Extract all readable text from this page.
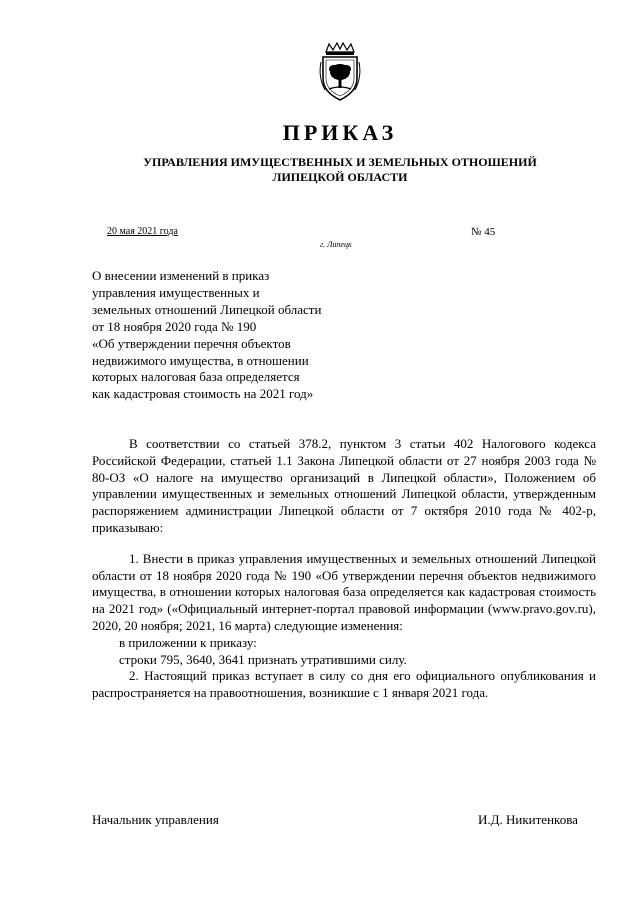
ПРИКАЗ
УПРАВЛЕНИЯ ИМУЩЕСТВЕННЫХ И ЗЕМЕЛЬНЫХ ОТНОШЕНИЙ
ЛИПЕЦКОЙ ОБЛАСТИ
20 мая 2021 года	№ 45
г. Липецк
О внесении изменений в приказ
управления имущественных и
земельных отношений Липецкой области
от 18 ноября 2020 года № 190
«Об утверждении перечня объектов
недвижимого имущества, в отношении
которых налоговая база определяется
как кадастровая стоимость на 2021 год»

В соответствии со статьей 378.2, пунктом 3 статьи 402 Налогового кодекса Российской Федерации, статьей 1.1 Закона Липецкой области от 27 ноября 2003 года № 80-ОЗ «О налоге на имущество организаций в Липецкой области», Положением об управлении имущественных и земельных отношений Липецкой области, утвержденным распоряжением администрации Липецкой области от 7 октября 2010 года № 402-р, приказываю:

1. Внести в приказ управления имущественных и земельных отношений Липецкой области от 18 ноября 2020 года № 190 «Об утверждении перечня объектов недвижимого имущества, в отношении которых налоговая база определяется как кадастровая стоимость на 2021 год» («Официальный интернет-портал правовой информации (www.pravo.gov.ru), 2020, 20 ноября; 2021, 16 марта) следующие изменения:

в приложении к приказу:

строки 795, 3640, 3641 признать утратившими силу.

2. Настоящий приказ вступает в силу со дня его официального опубликования и распространяется на правоотношения, возникшие с 1 января 2021 года.

Начальник управления	И.Д. Никитенкова
